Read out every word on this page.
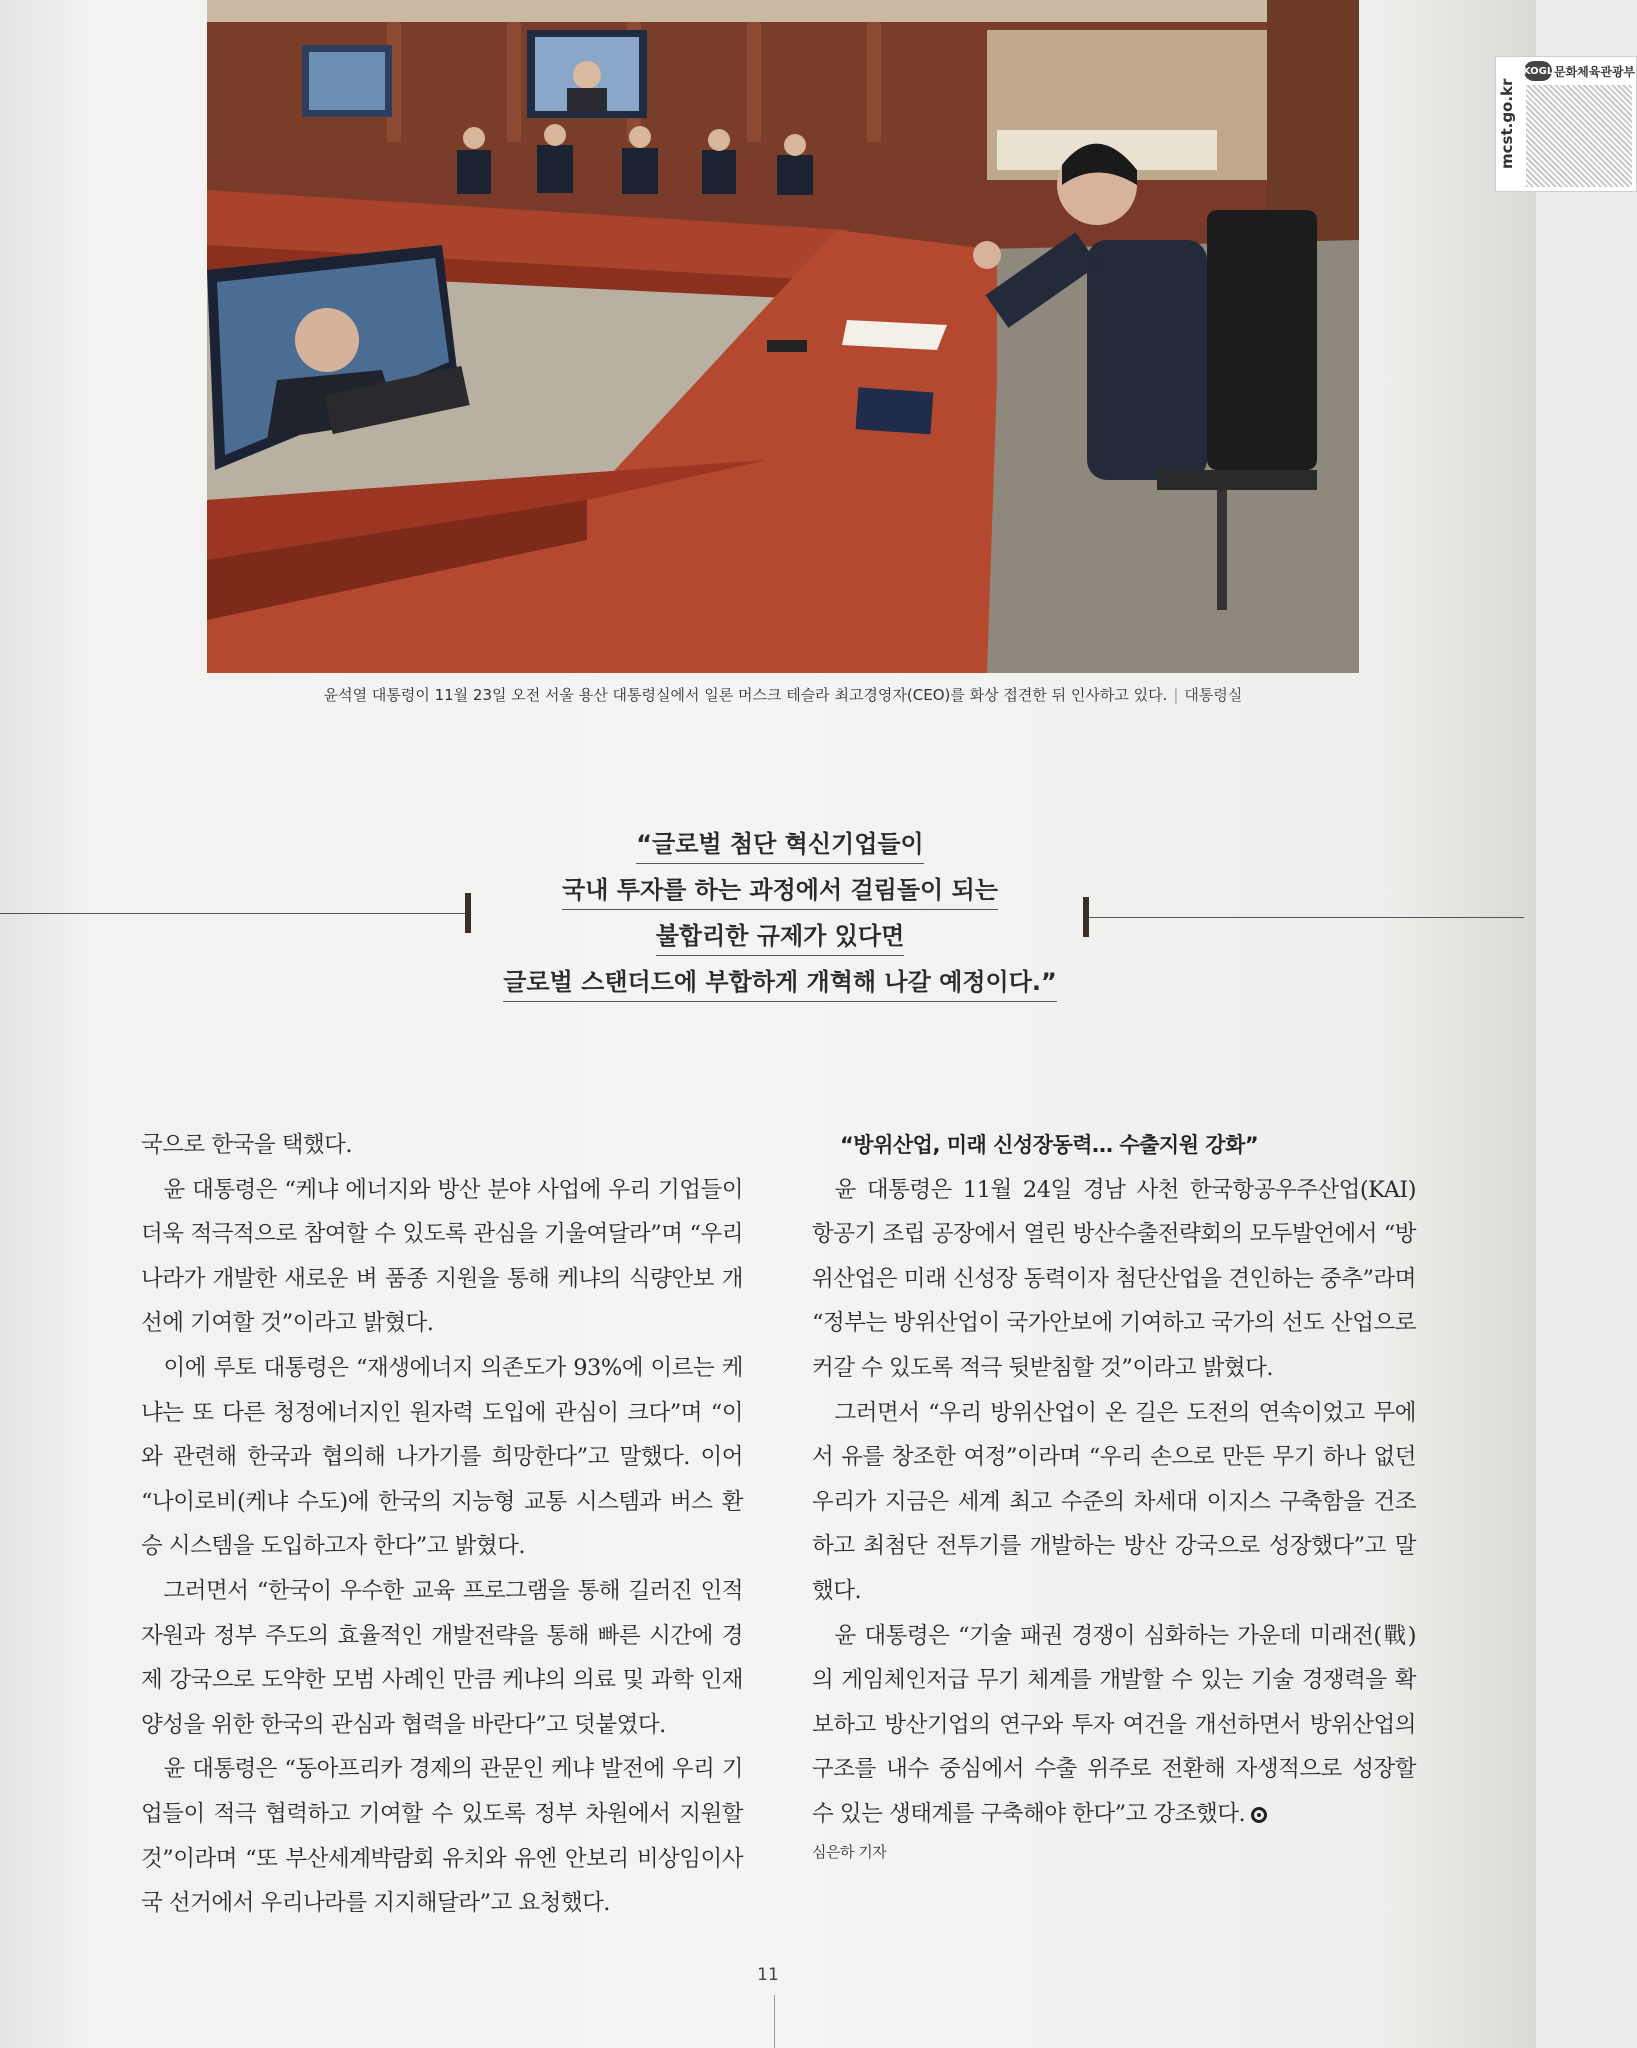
mcst.go.kr
KOGL 문화체육관광부
윤석열 대통령이 11월 23일 오전 서울 용산 대통령실에서 일론 머스크 테슬라 최고경영자(CEO)를 화상 접견한 뒤 인사하고 있다. | 대통령실
“글로벌 첨단 혁신기업들이
국내 투자를 하는 과정에서 걸림돌이 되는
불합리한 규제가 있다면
글로벌 스탠더드에 부합하게 개혁해 나갈 예정이다.”

국으로 한국을 택했다.

윤 대통령은 “케냐 에너지와 방산 분야 사업에 우리 기업들이 더욱 적극적으로 참여할 수 있도록 관심을 기울여달라”며 “우리나라가 개발한 새로운 벼 품종 지원을 통해 케냐의 식량안보 개선에 기여할 것”이라고 밝혔다.

이에 루토 대통령은 “재생에너지 의존도가 93%에 이르는 케냐는 또 다른 청정에너지인 원자력 도입에 관심이 크다”며 “이와 관련해 한국과 협의해 나가기를 희망한다”고 말했다. 이어 “나이로비(케냐 수도)에 한국의 지능형 교통 시스템과 버스 환승 시스템을 도입하고자 한다”고 밝혔다.

그러면서 “한국이 우수한 교육 프로그램을 통해 길러진 인적자원과 정부 주도의 효율적인 개발전략을 통해 빠른 시간에 경제 강국으로 도약한 모범 사례인 만큼 케냐의 의료 및 과학 인재 양성을 위한 한국의 관심과 협력을 바란다”고 덧붙였다.

윤 대통령은 “동아프리카 경제의 관문인 케냐 발전에 우리 기업들이 적극 협력하고 기여할 수 있도록 정부 차원에서 지원할 것”이라며 “또 부산세계박람회 유치와 유엔 안보리 비상임이사국 선거에서 우리나라를 지지해달라”고 요청했다.

“방위산업, 미래 신성장동력… 수출지원 강화”

윤 대통령은 11월 24일 경남 사천 한국항공우주산업(KAI) 항공기 조립 공장에서 열린 방산수출전략회의 모두발언에서 “방위산업은 미래 신성장 동력이자 첨단산업을 견인하는 중추”라며 “정부는 방위산업이 국가안보에 기여하고 국가의 선도 산업으로 커갈 수 있도록 적극 뒷받침할 것”이라고 밝혔다.

그러면서 “우리 방위산업이 온 길은 도전의 연속이었고 무에서 유를 창조한 여정”이라며 “우리 손으로 만든 무기 하나 없던 우리가 지금은 세계 최고 수준의 차세대 이지스 구축함을 건조하고 최첨단 전투기를 개발하는 방산 강국으로 성장했다”고 말했다.

윤 대통령은 “기술 패권 경쟁이 심화하는 가운데 미래전(戰)의 게임체인저급 무기 체계를 개발할 수 있는 기술 경쟁력을 확보하고 방산기업의 연구와 투자 여건을 개선하면서 방위산업의 구조를 내수 중심에서 수출 위주로 전환해 자생적으로 성장할 수 있는 생태계를 구축해야 한다”고 강조했다.

심은하 기자
11
